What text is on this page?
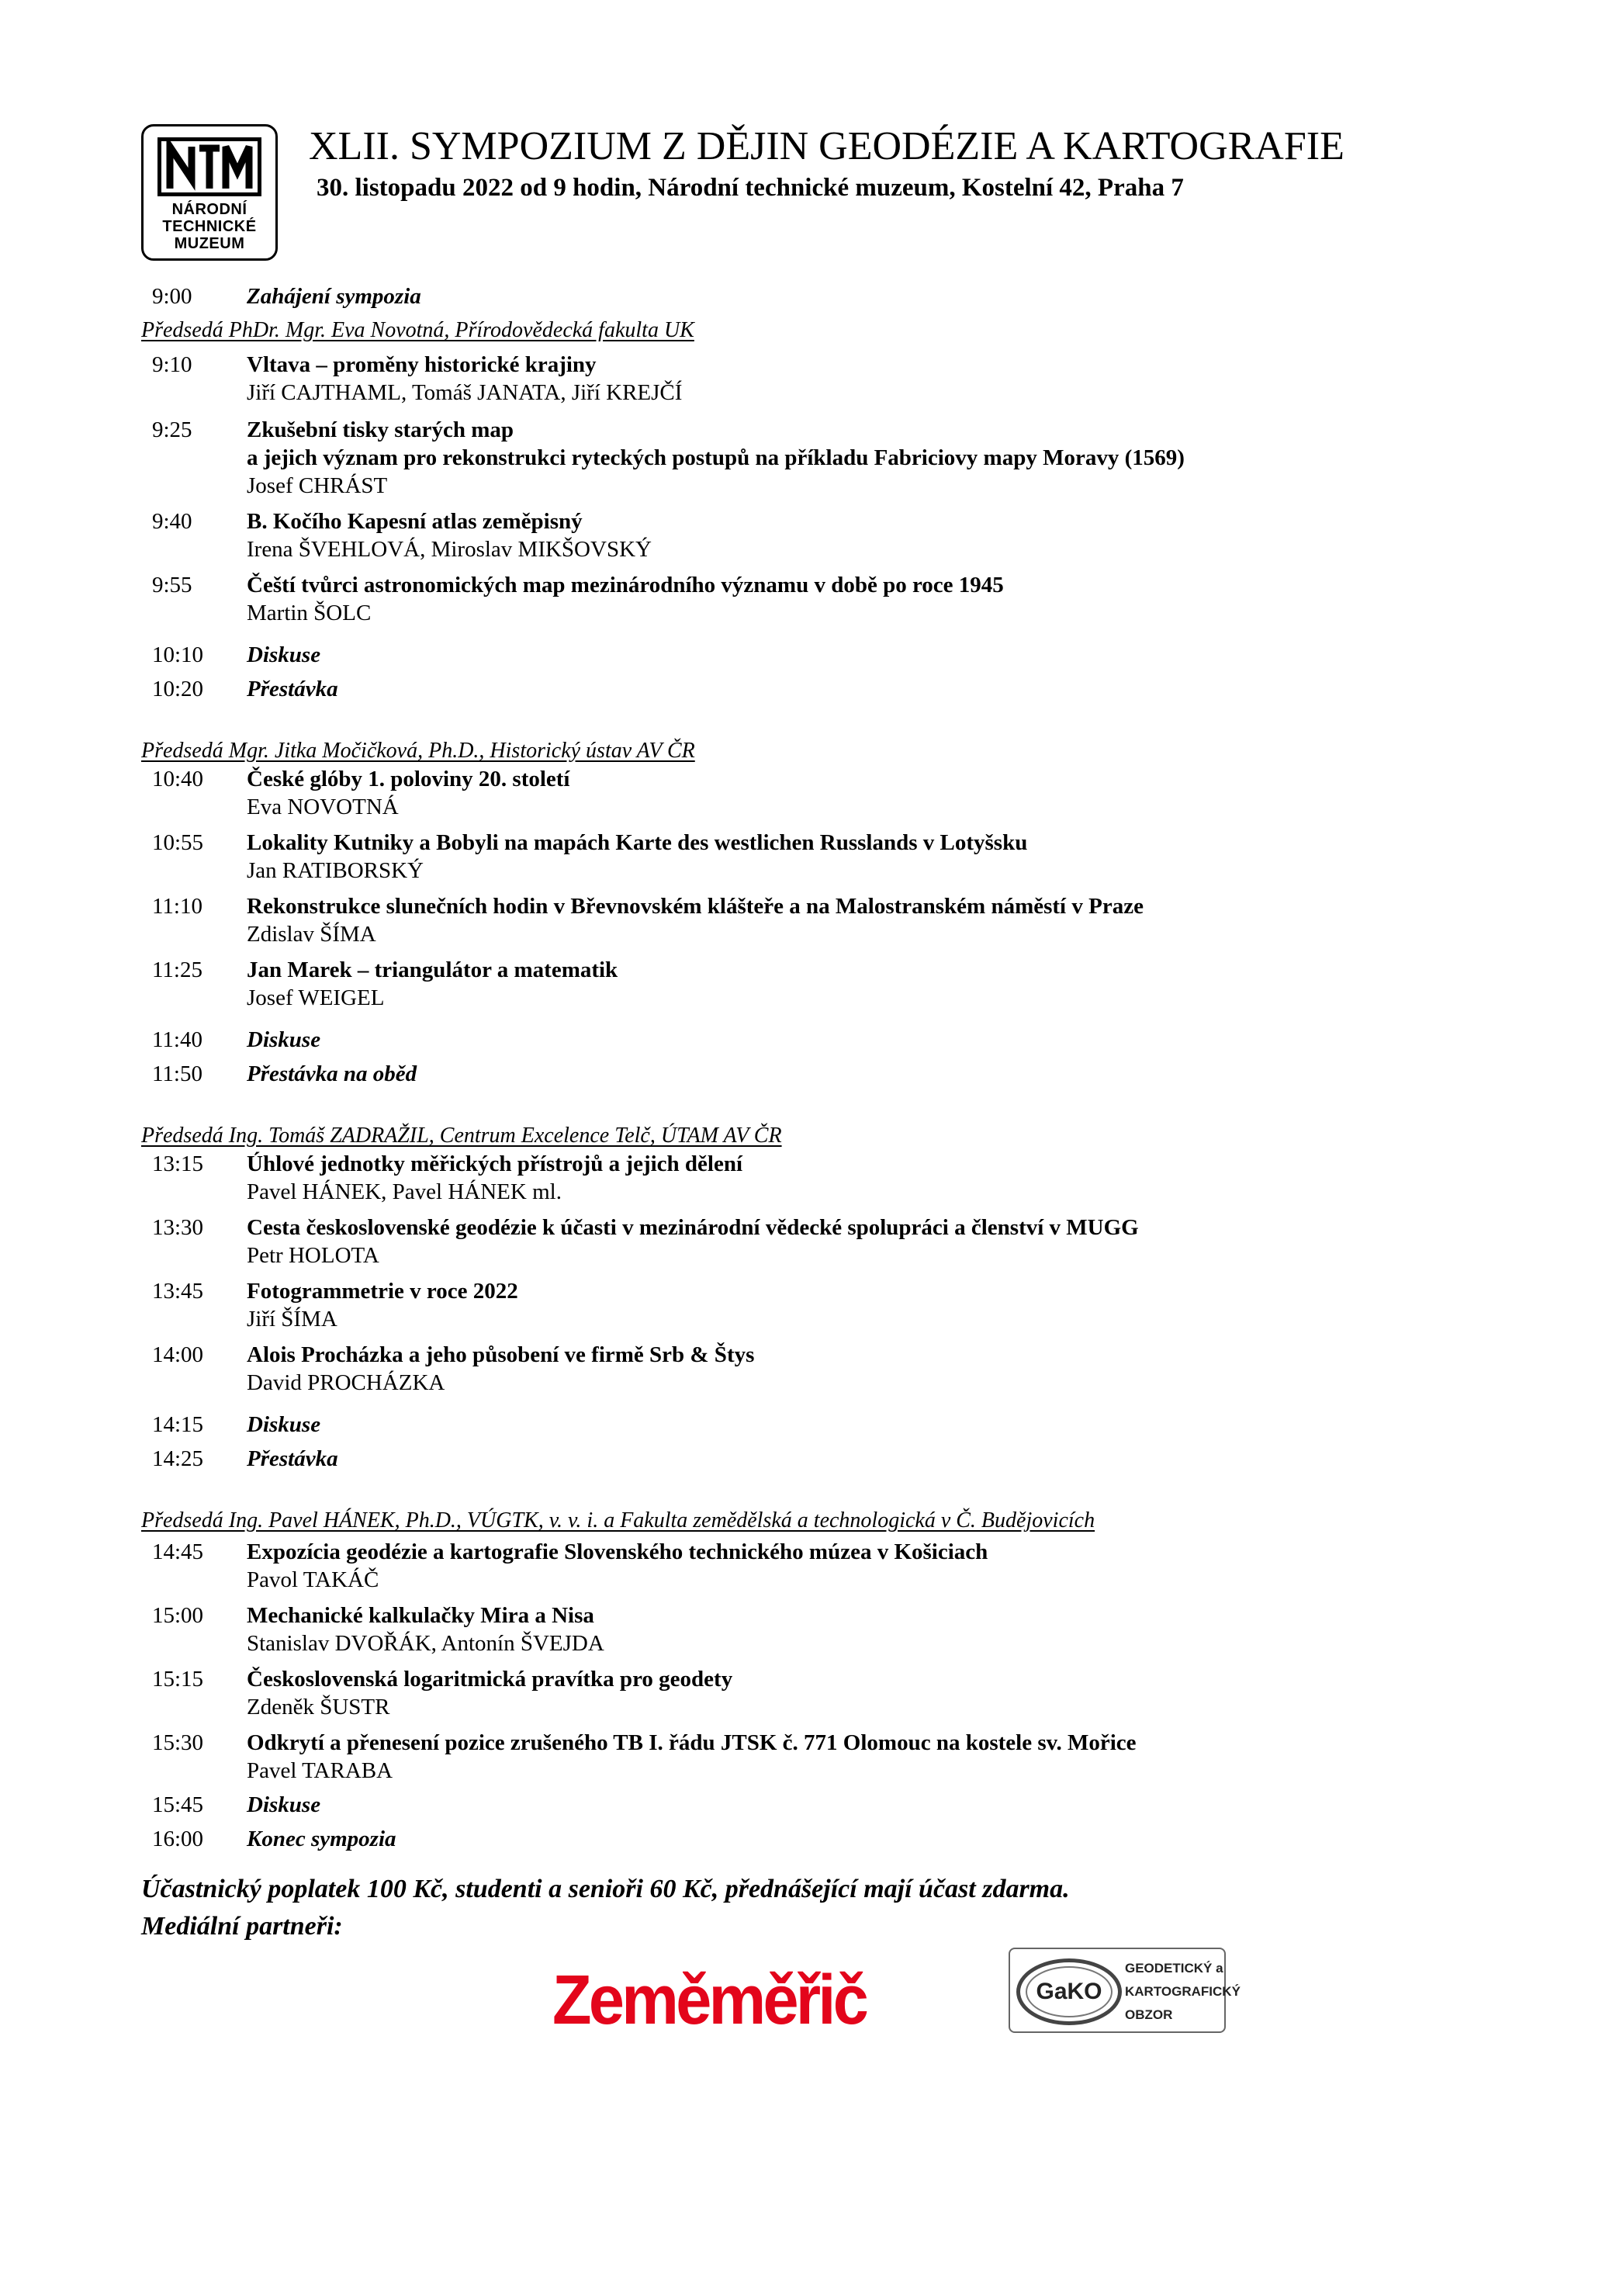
NÁRODNÍ
TECHNICKÉ
MUZEUM
XLII. SYMPOZIUM Z DĚJIN GEODÉZIE A KARTOGRAFIE
30. listopadu 2022 od 9 hodin, Národní technické muzeum, Kostelní 42, Praha 7
9:00	Zahájení sympozia
Předsedá PhDr. Mgr. Eva Novotná, Přírodovědecká fakulta UK
9:10	Vltava – proměny historické krajiny
Jiří CAJTHAML, Tomáš JANATA, Jiří KREJČÍ
9:25	Zkušební tisky starých map
a jejich význam pro rekonstrukci ryteckých postupů na příkladu Fabriciovy mapy Moravy (1569)
Josef CHRÁST
9:40	B. Kočího Kapesní atlas zeměpisný
Irena ŠVEHLOVÁ, Miroslav MIKŠOVSKÝ
9:55	Čeští tvůrci astronomických map mezinárodního významu v době po roce 1945
Martin ŠOLC
10:10	Diskuse
10:20	Přestávka
Předsedá Mgr. Jitka Močičková, Ph.D., Historický ústav AV ČR
10:40	České glóby 1. poloviny 20. století
Eva NOVOTNÁ
10:55	Lokality Kutniky a Bobyli na mapách Karte des westlichen Russlands v Lotyšsku
Jan RATIBORSKÝ
11:10	Rekonstrukce slunečních hodin v Břevnovském klášteře a na Malostranském náměstí v Praze
Zdislav ŠÍMA
11:25	Jan Marek – triangulátor a matematik
Josef WEIGEL
11:40	Diskuse
11:50	Přestávka na oběd
Předsedá Ing. Tomáš ZADRAŽIL, Centrum Excelence Telč, ÚTAM AV ČR
13:15	Úhlové jednotky měřických přístrojů a jejich dělení
Pavel HÁNEK, Pavel HÁNEK ml.
13:30	Cesta československé geodézie k účasti v mezinárodní vědecké spolupráci a členství v MUGG
Petr HOLOTA
13:45	Fotogrammetrie v roce 2022
Jiří ŠÍMA
14:00	Alois Procházka a jeho působení ve firmě Srb & Štys
David PROCHÁZKA
14:15	Diskuse
14:25	Přestávka
Předsedá Ing. Pavel HÁNEK, Ph.D., VÚGTK, v. v. i. a Fakulta zemědělská a technologická v Č. Budějovicích
14:45	Expozícia geodézie a kartografie Slovenského technického múzea v Košiciach
Pavol TAKÁČ
15:00	Mechanické kalkulačky Mira a Nisa
Stanislav DVOŘÁK, Antonín ŠVEJDA
15:15	Československá logaritmická pravítka pro geodety
Zdeněk ŠUSTR
15:30	Odkrytí a přenesení pozice zrušeného TB I. řádu JTSK č. 771 Olomouc na kostele sv. Mořice
Pavel TARABA
15:45	Diskuse
16:00	Konec sympozia
Účastnický poplatek 100 Kč, studenti a senioři 60 Kč, přednášející mají účast zdarma.
Mediální partneři:
Zeměměřič	GaKO
GEODETICKÝ a
KARTOGRAFICKÝ
OBZOR
